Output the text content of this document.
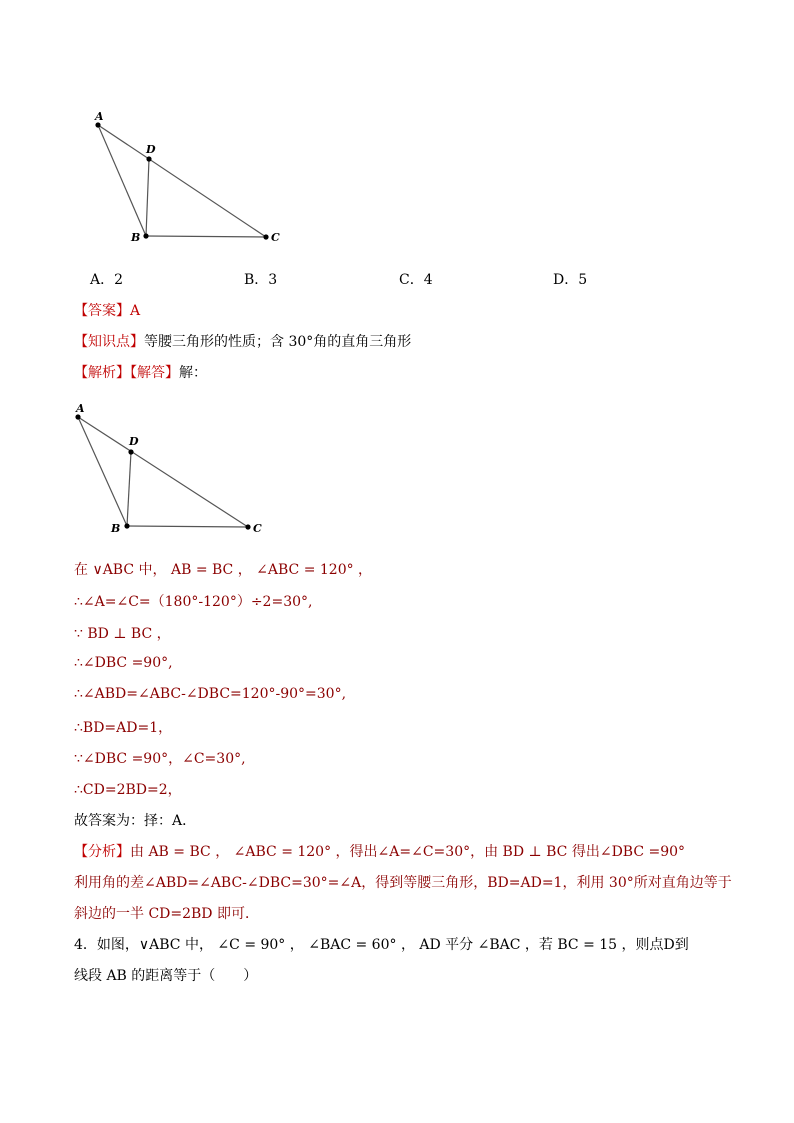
A
D
B	C
A．2	B．3	C．4	D．5
【答案】A
【知识点】等腰三角形的性质；含 30°角的直角三角形
【解析】【解答】解：
A
D
B	C
在 ∨ABC 中， AB = BC ， ∠ABC = 120° ，
∴∠A=∠C=（180°-120°）÷2=30°,
∵ BD ⊥ BC ，
∴∠DBC =90°,
∴∠ABD=∠ABC-∠DBC=120°-90°=30°,
∴BD=AD=1，
∵∠DBC =90°，∠C=30°,
∴CD=2BD=2，
故答案为：择：A．
【分析】由 AB = BC ， ∠ABC = 120° ，得出∠A=∠C=30°，由 BD ⊥ BC 得出∠DBC =90°
利用角的差∠ABD=∠ABC-∠DBC=30°=∠A，得到等腰三角形，BD=AD=1，利用 30°所对直角边等于
斜边的一半 CD=2BD 即可．
4．如图，∨ABC 中， ∠C = 90° ， ∠BAC = 60° ， AD 平分 ∠BAC ，若 BC = 15 ，则点D到
线段 AB 的距离等于（　　）
